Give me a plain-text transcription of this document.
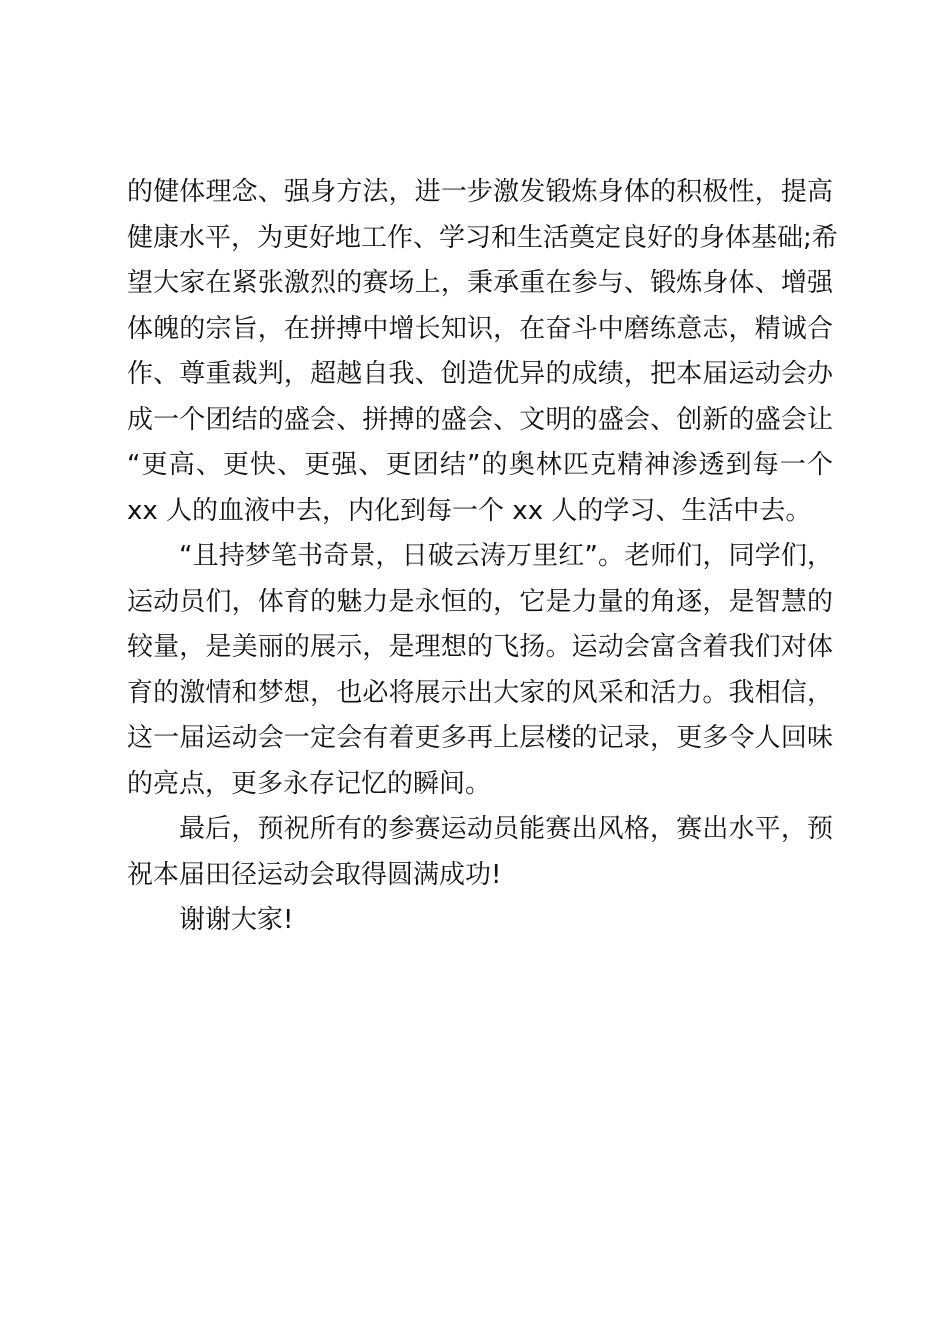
的健体理念、强身方法，进一步激发锻炼身体的积极性，提高
健康水平，为更好地工作、学习和生活奠定良好的身体基础;希
望大家在紧张激烈的赛场上，秉承重在参与、锻炼身体、增强
体魄的宗旨，在拼搏中增长知识，在奋斗中磨练意志，精诚合
作、尊重裁判，超越自我、创造优异的成绩，把本届运动会办
成一个团结的盛会、拼搏的盛会、文明的盛会、创新的盛会让
“更高、更快、更强、更团结”的奥林匹克精神渗透到每一个
xx 人的血液中去，内化到每一个 xx 人的学习、生活中去。
“且持梦笔书奇景，日破云涛万里红”。老师们，同学们，
运动员们，体育的魅力是永恒的，它是力量的角逐，是智慧的
较量，是美丽的展示，是理想的飞扬。运动会富含着我们对体
育的激情和梦想，也必将展示出大家的风采和活力。我相信，
这一届运动会一定会有着更多再上层楼的记录，更多令人回味
的亮点，更多永存记忆的瞬间。
最后，预祝所有的参赛运动员能赛出风格，赛出水平，预
祝本届田径运动会取得圆满成功!
谢谢大家!
